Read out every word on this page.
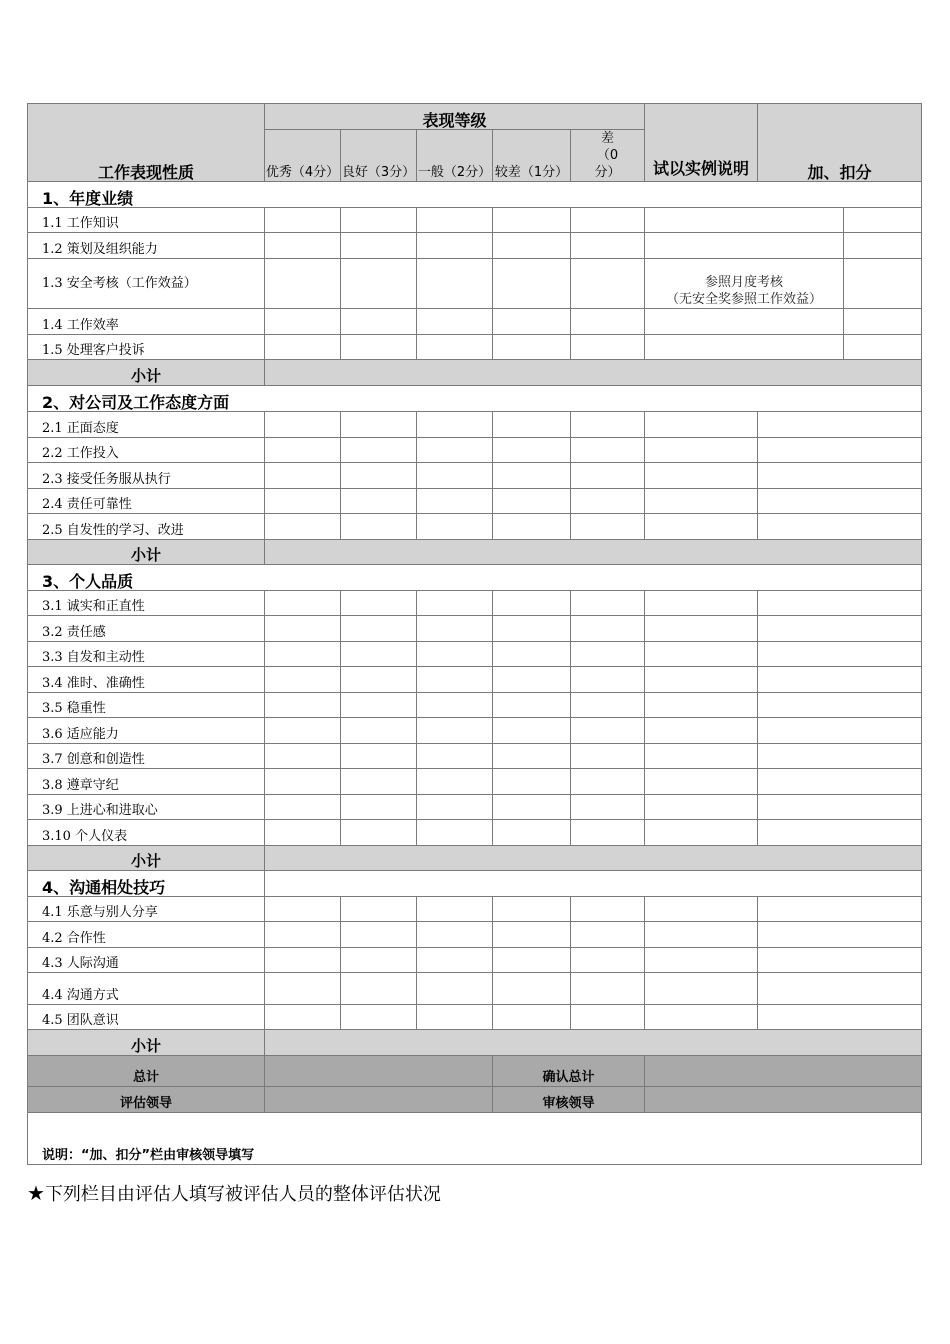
工作表现性质	表现等级					试以实例说明	加、扣分	
	优秀（4分）	良好（3分）	一般（2分）	较差（1分）	差（0分）			
1、年度业绩								
1.1 工作知识								
1.2 策划及组织能力								
1.3 安全考核（工作效益）						参照月度考核
（无安全奖参照工作效益）		

1.4 工作效率								
1.5 处理客户投诉								
小计								
2、对公司及工作态度方面								
2.1 正面态度								
2.2 工作投入								
2.3 接受任务服从执行								
2.4 责任可靠性								
2.5 自发性的学习、改进								
小计								
3、个人品质								
3.1 诚实和正直性								
3.2 责任感								
3.3 自发和主动性								
3.4 准时、准确性								
3.5 稳重性								
3.6 适应能力								
3.7 创意和创造性								
3.8 遵章守纪								
3.9 上进心和进取心								
3.10 个人仪表								
小计								
4、沟通相处技巧								
4.1 乐意与别人分享								
4.2 合作性								
4.3 人际沟通								
4.4 沟通方式								
4.5 团队意识								
小计								
总计				确认总计				
评估领导				审核领导				
说明：“加、扣分”栏由审核领导填写								
★下列栏目由评估人填写被评估人员的整体评估状况
